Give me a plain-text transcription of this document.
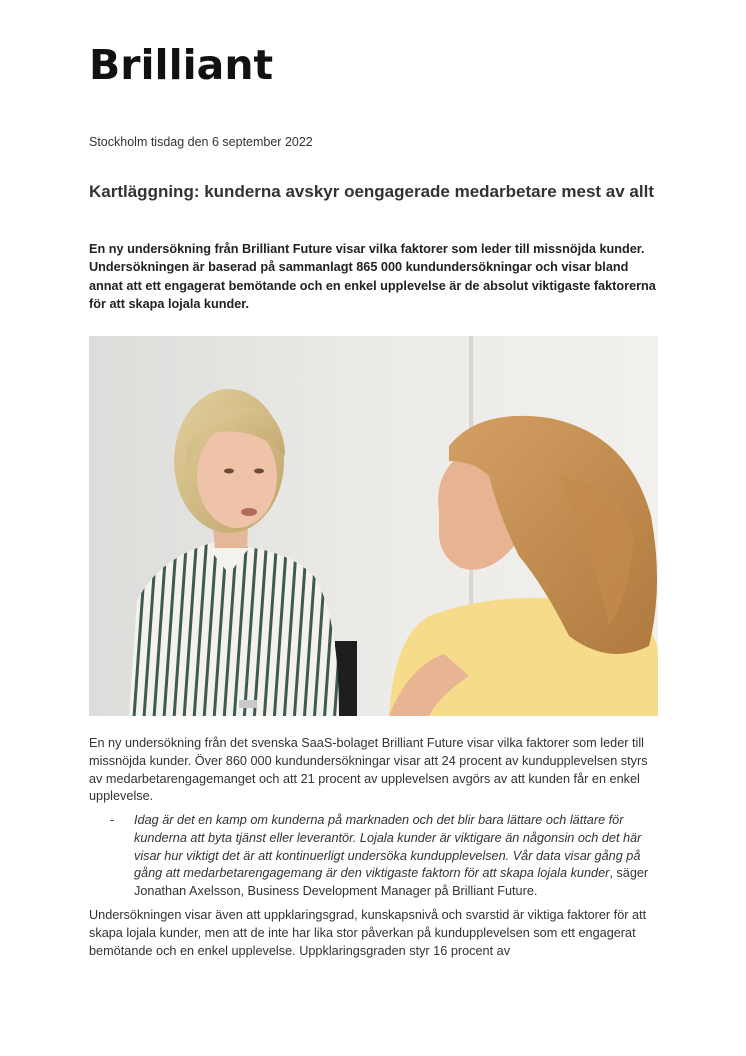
Brilliant
Stockholm tisdag den 6 september 2022
Kartläggning: kunderna avskyr oengagerade medarbetare mest av allt
En ny undersökning från Brilliant Future visar vilka faktorer som leder till missnöjda kunder. Undersökningen är baserad på sammanlagt 865 000 kundundersökningar och visar bland annat att ett engagerat bemötande och en enkel upplevelse är de absolut viktigaste faktorerna för att skapa lojala kunder.
En ny undersökning från det svenska SaaS-bolaget Brilliant Future visar vilka faktorer som leder till missnöjda kunder. Över 860 000 kundundersökningar visar att 24 procent av kundupplevelsen styrs av medarbetarengagemanget och att 21 procent av upplevelsen avgörs av att kunden får en enkel upplevelse.
- Idag är det en kamp om kunderna på marknaden och det blir bara lättare och lättare för kunderna att byta tjänst eller leverantör. Lojala kunder är viktigare än någonsin och det här visar hur viktigt det är att kontinuerligt undersöka kundupplevelsen. Vår data visar gång på gång att medarbetarengagemang är den viktigaste faktorn för att skapa lojala kunder, säger Jonathan Axelsson, Business Development Manager på Brilliant Future.
Undersökningen visar även att uppklaringsgrad, kunskapsnivå och svarstid är viktiga faktorer för att skapa lojala kunder, men att de inte har lika stor påverkan på kundupplevelsen som ett engagerat bemötande och en enkel upplevelse. Uppklaringsgraden styr 16 procent av
